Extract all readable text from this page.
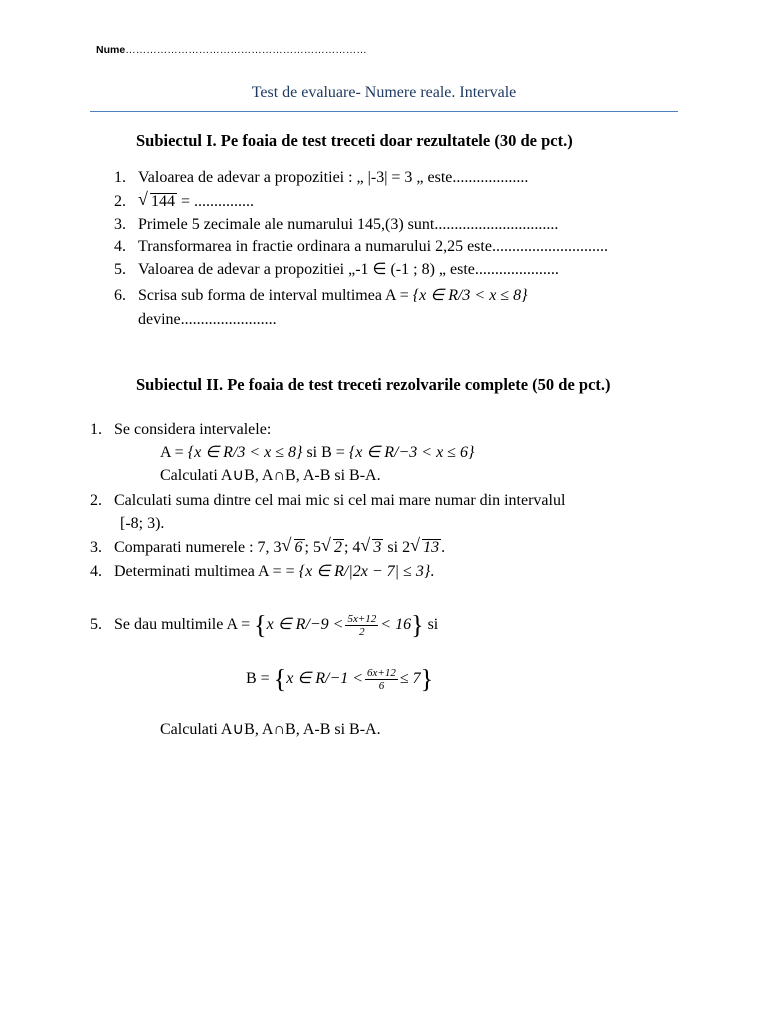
Nume……………………………………………………………
Test de evaluare- Numere reale. Intervale
Subiectul I. Pe foaia de test treceti doar rezultatele (30 de pct.)
1. Valoarea de adevar a propozitiei : „ |-3| = 3 „ este...................
2. √ 144 = ...............
3. Primele 5 zecimale ale numarului 145,(3) sunt...............................
4. Transformarea in fractie ordinara a numarului 2,25 este.............................
5. Valoarea de adevar a propozitiei „-1 ∈ (-1 ; 8) „ este.....................
6. Scrisa sub forma de interval multimea A = {x ∈ R/3 < x ≤ 8}
devine........................
Subiectul II. Pe foaia de test treceti rezolvarile complete (50 de pct.)
1. Se considera intervalele:
A = {x ∈ R/3 < x ≤ 8} si B = {x ∈ R/−3 < x ≤ 6}
Calculati A∪B, A∩B, A-B si B-A.
2. Calculati suma dintre cel mai mic si cel mai mare numar din intervalul
[-8; 3).
3. Comparati numerele : 7, 3 √ 6 ; 5 √ 2 ; 4 √ 3 si 2 √ 13 .
4. Determinati multimea A = = {x ∈ R/|2x − 7| ≤ 3}.
5. Se dau multimile A = {x ∈ $R/-9 < \frac{5x+12}{2} < 16$} si
B = {x ∈ $R/-1 < \frac{6x+12}{6} \le 7$}
Calculati A∪B, A∩B, A-B si B-A.
